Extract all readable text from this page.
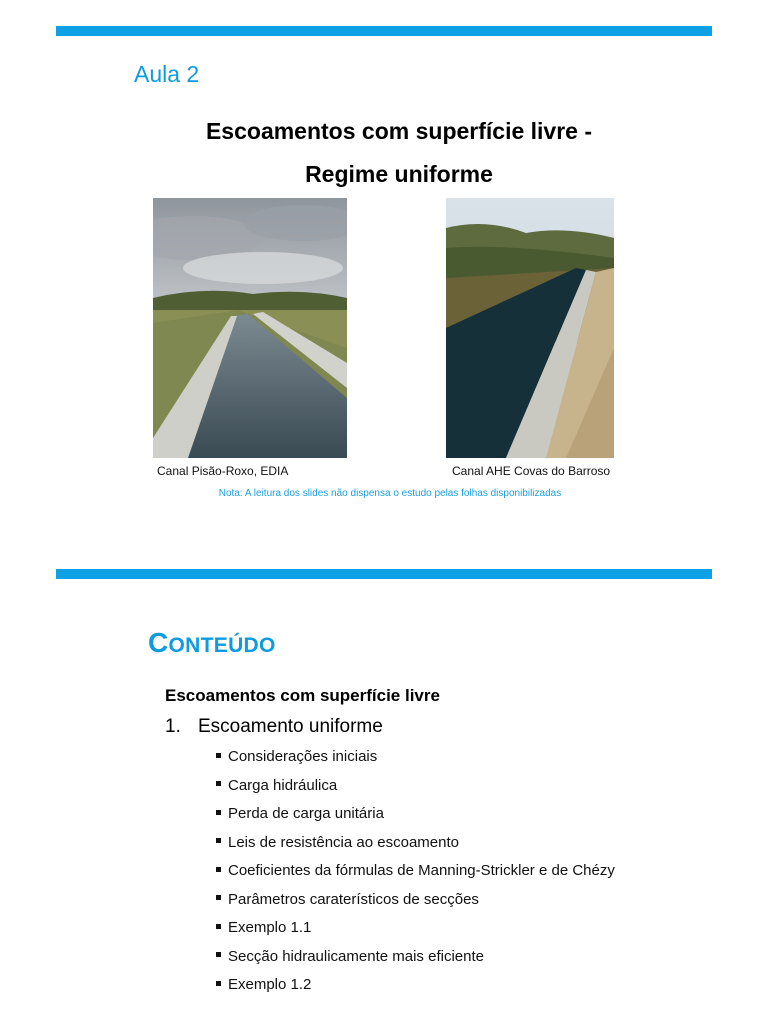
Aula 2
Escoamentos com superfície livre -
Regime uniforme
Canal Pisão-Roxo, EDIA	Canal AHE Covas do Barroso
Nota: A leitura dos slides não dispensa o estudo pelas folhas disponibilizadas
CONTEÚDO
Escoamentos com superfície livre
1. Escoamento uniforme
Considerações iniciais
Carga hidráulica
Perda de carga unitária
Leis de resistência ao escoamento
Coeficientes da fórmulas de Manning-Strickler e de Chézy
Parâmetros caraterísticos de secções
Exemplo 1.1
Secção hidraulicamente mais eficiente
Exemplo 1.2
